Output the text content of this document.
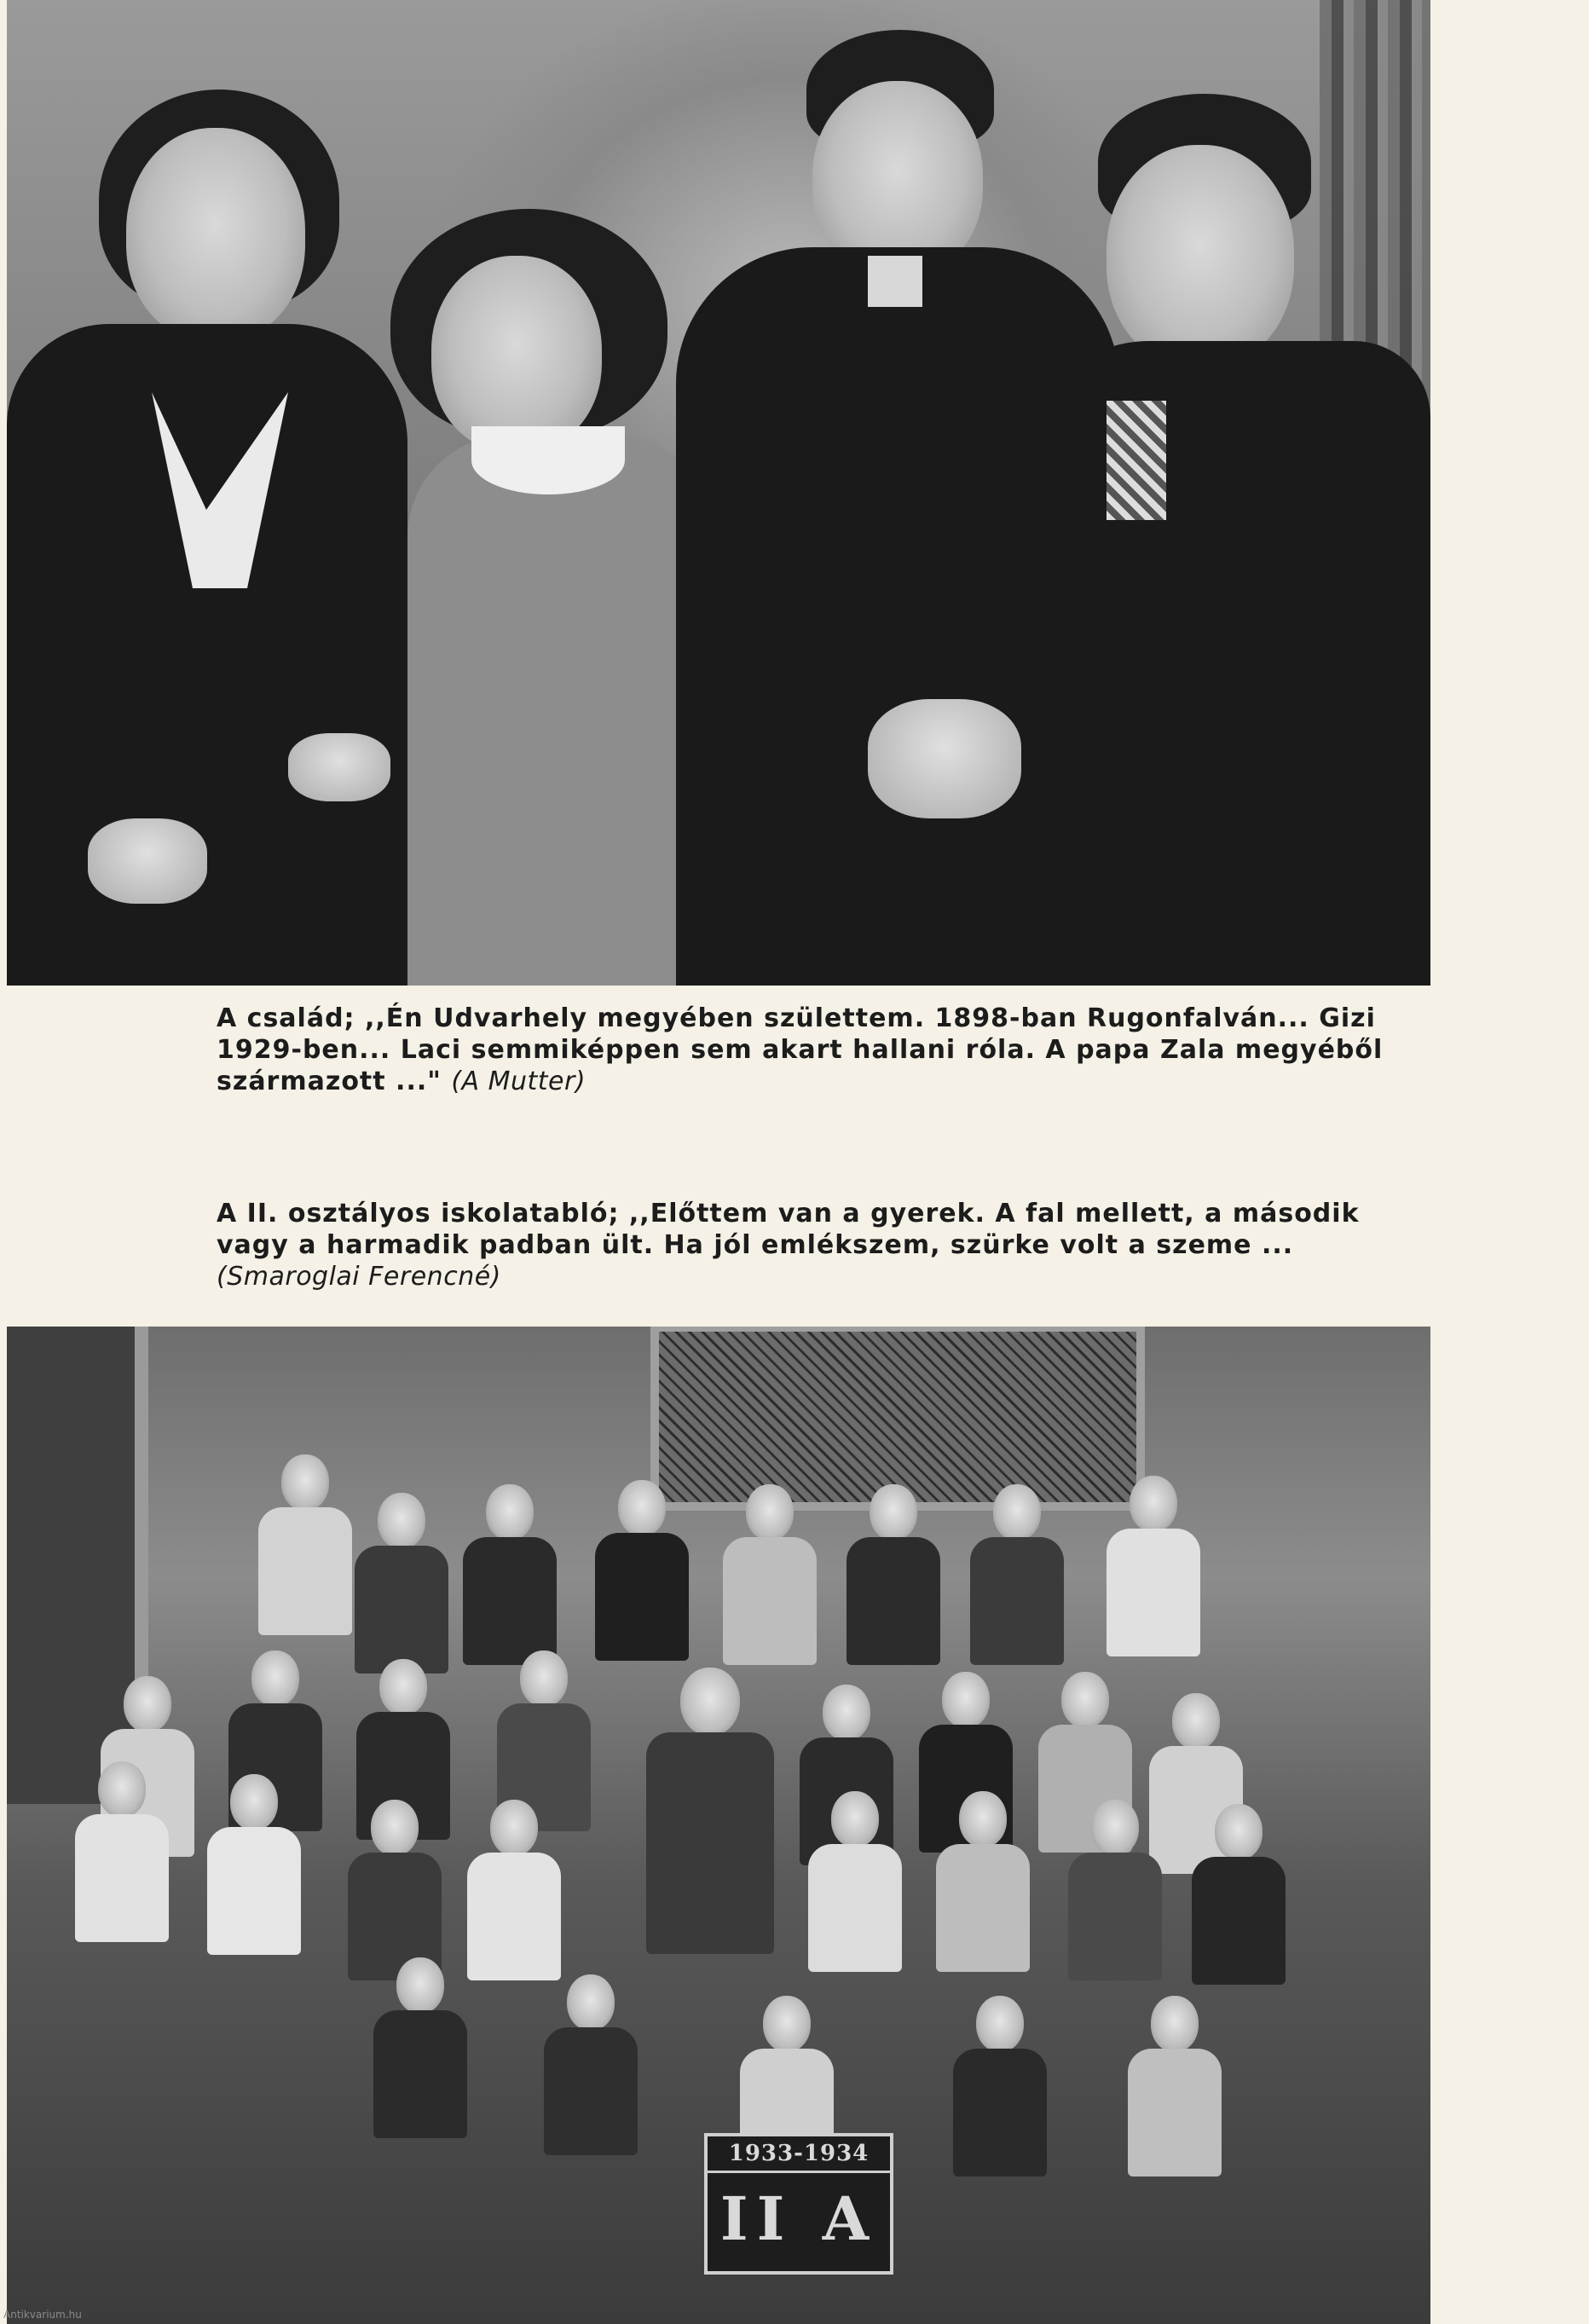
A család; ,,Én Udvarhely megyében születtem. 1898-ban Rugonfalván... Gizi 1929-ben... Laci semmiképpen sem akart hallani róla. A papa Zala megyéből származott ..." (A Mutter)

A II. osztályos iskolatabló; ,,Előttem van a gyerek. A fal mellett, a második vagy a harmadik padban ült. Ha jól emlékszem, szürke volt a szeme ... (Smaroglai Ferencné)

1933-1934
II A
Antikvarium.hu
